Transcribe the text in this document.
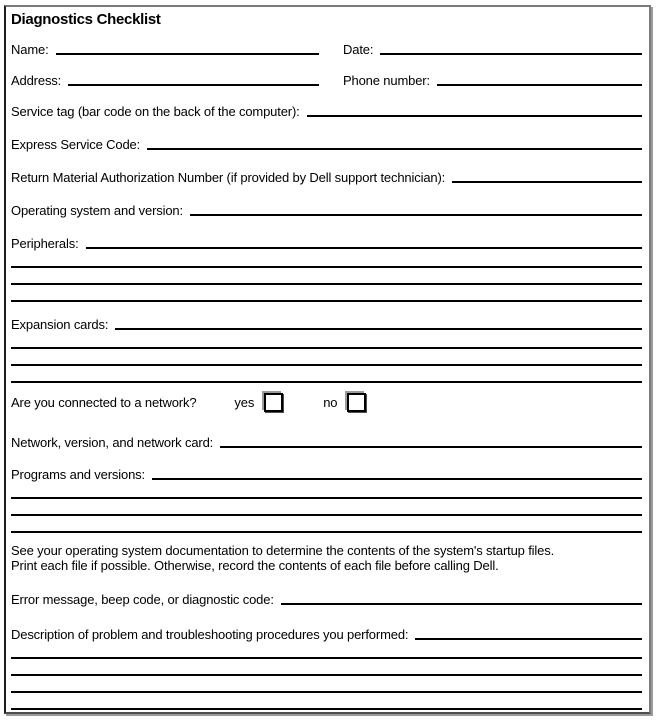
Diagnostics Checklist
Name:	Date:
Address:	Phone number:
Service tag (bar code on the back of the computer):
Express Service Code:
Return Material Authorization Number (if provided by Dell support technician):
Operating system and version:
Peripherals:
Expansion cards:
Are you connected to a network?	yes	no
Network, version, and network card:
Programs and versions:
See your operating system documentation to determine the contents of the system's startup files.
Print each file if possible. Otherwise, record the contents of each file before calling Dell.
Error message, beep code, or diagnostic code:
Description of problem and troubleshooting procedures you performed:
